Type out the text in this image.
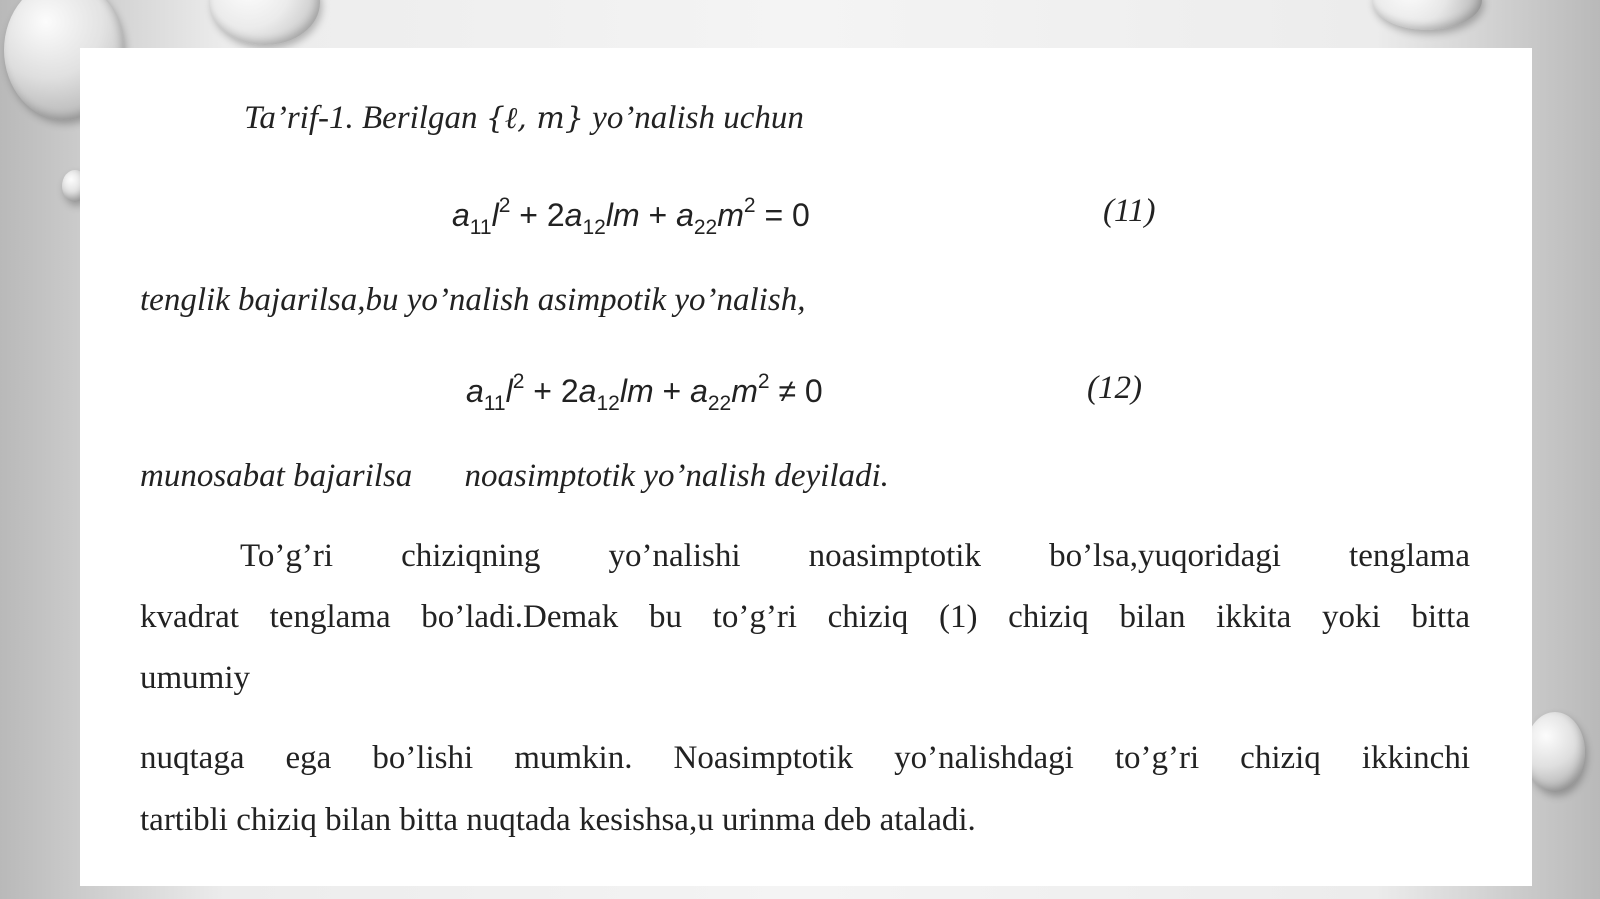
Ta’rif-1. Berilgan {ℓ, m} yo’nalish uchun
$a_{11}l^2 + 2a_{12}lm + a_{22}m^2 = 0$	(11)
tenglik bajarilsa,bu yo’nalish asimpotik yo’nalish,
$a_{11}l^2 + 2a_{12}lm + a_{22}m^2 \ne 0$	(12)
munosabat bajarilsa noasimptotik yo’nalish deyiladi.
To’g’ri chiziqning yo’nalishi noasimptotik bo’lsa,yuqoridagi tenglama
kvadrat tenglama bo’ladi.Demak bu to’g’ri chiziq (1) chiziq bilan ikkita yoki bitta
umumiy
nuqtaga ega bo’lishi mumkin. Noasimptotik yo’nalishdagi to’g’ri chiziq ikkinchi
tartibli chiziq bilan bitta nuqtada kesishsa,u urinma deb ataladi.
